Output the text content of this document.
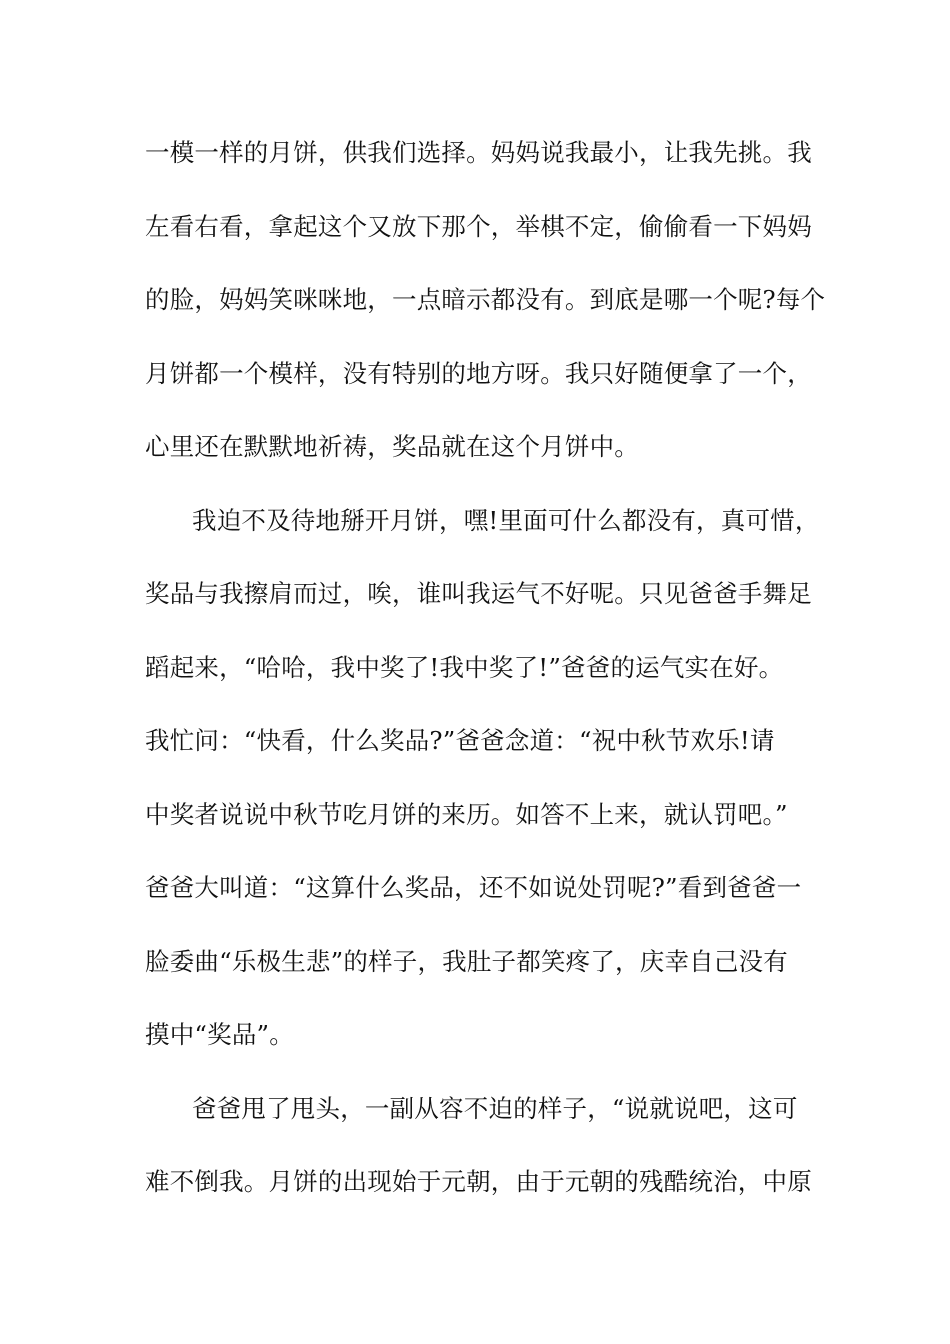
一模一样的月饼，供我们选择。妈妈说我最小，让我先挑。我
左看右看，拿起这个又放下那个，举棋不定，偷偷看一下妈妈
的脸，妈妈笑咪咪地，一点暗示都没有。到底是哪一个呢?每个
月饼都一个模样，没有特别的地方呀。我只好随便拿了一个，
心里还在默默地祈祷，奖品就在这个月饼中。
我迫不及待地掰开月饼，嘿!里面可什么都没有，真可惜，
奖品与我擦肩而过，唉，谁叫我运气不好呢。只见爸爸手舞足
蹈起来，“哈哈，我中奖了!我中奖了!”爸爸的运气实在好。
我忙问：“快看，什么奖品?”爸爸念道：“祝中秋节欢乐!请
中奖者说说中秋节吃月饼的来历。如答不上来，就认罚吧。”
爸爸大叫道：“这算什么奖品，还不如说处罚呢?”看到爸爸一
脸委曲“乐极生悲”的样子，我肚子都笑疼了，庆幸自己没有
摸中“奖品”。
爸爸甩了甩头，一副从容不迫的样子，“说就说吧，这可
难不倒我。月饼的出现始于元朝，由于元朝的残酷统治，中原
